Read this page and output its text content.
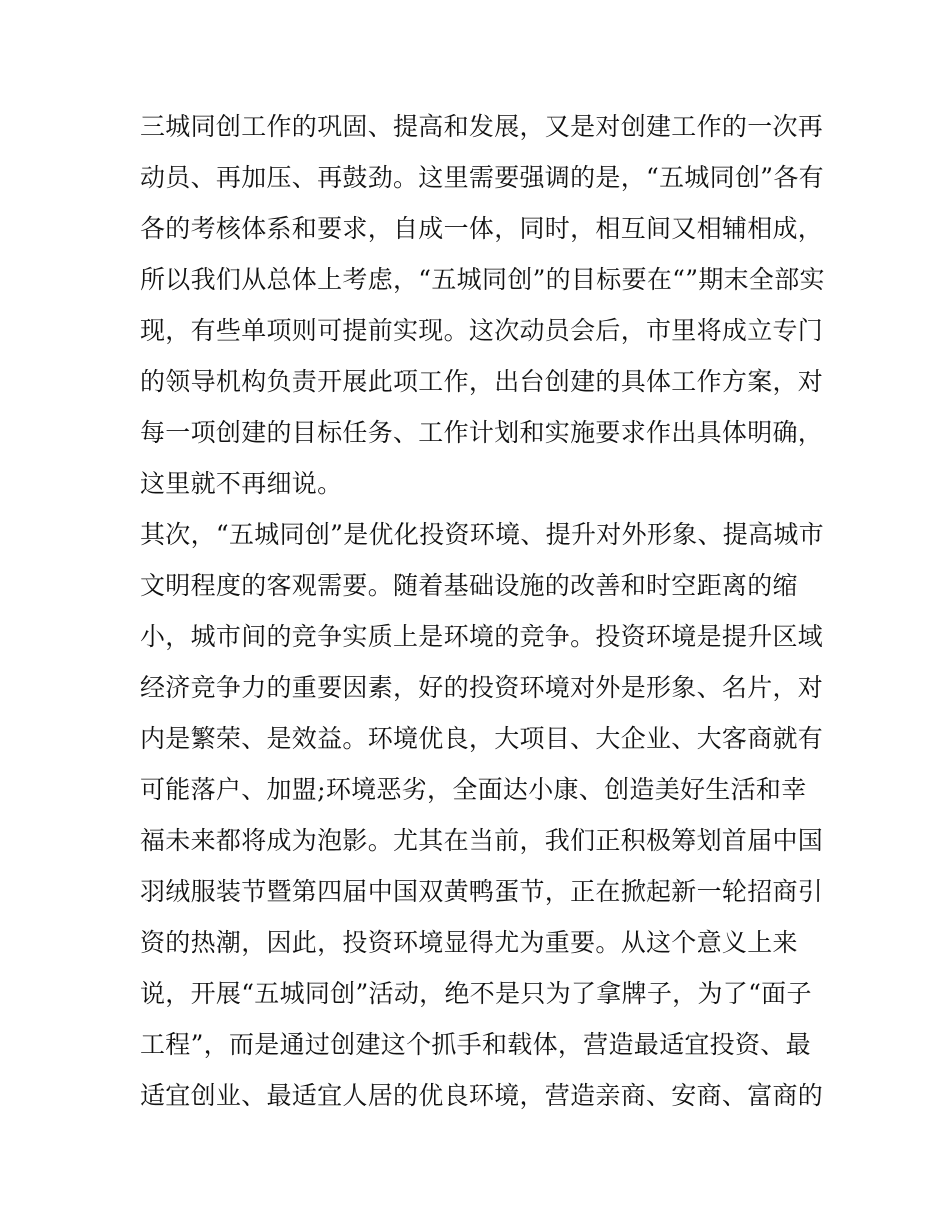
三城同创工作的巩固、提高和发展，又是对创建工作的一次再
动员、再加压、再鼓劲。这里需要强调的是，“五城同创”各有
各的考核体系和要求，自成一体，同时，相互间又相辅相成，
所以我们从总体上考虑，“五城同创”的目标要在“”期末全部实
现，有些单项则可提前实现。这次动员会后，市里将成立专门
的领导机构负责开展此项工作，出台创建的具体工作方案，对
每一项创建的目标任务、工作计划和实施要求作出具体明确，
这里就不再细说。
其次，“五城同创”是优化投资环境、提升对外形象、提高城市
文明程度的客观需要。随着基础设施的改善和时空距离的缩
小，城市间的竞争实质上是环境的竞争。投资环境是提升区域
经济竞争力的重要因素，好的投资环境对外是形象、名片，对
内是繁荣、是效益。环境优良，大项目、大企业、大客商就有
可能落户、加盟;环境恶劣，全面达小康、创造美好生活和幸
福未来都将成为泡影。尤其在当前，我们正积极筹划首届中国
羽绒服装节暨第四届中国双黄鸭蛋节，正在掀起新一轮招商引
资的热潮，因此，投资环境显得尤为重要。从这个意义上来
说，开展“五城同创”活动，绝不是只为了拿牌子，为了“面子
工程”，而是通过创建这个抓手和载体，营造最适宜投资、最
适宜创业、最适宜人居的优良环境，营造亲商、安商、富商的
